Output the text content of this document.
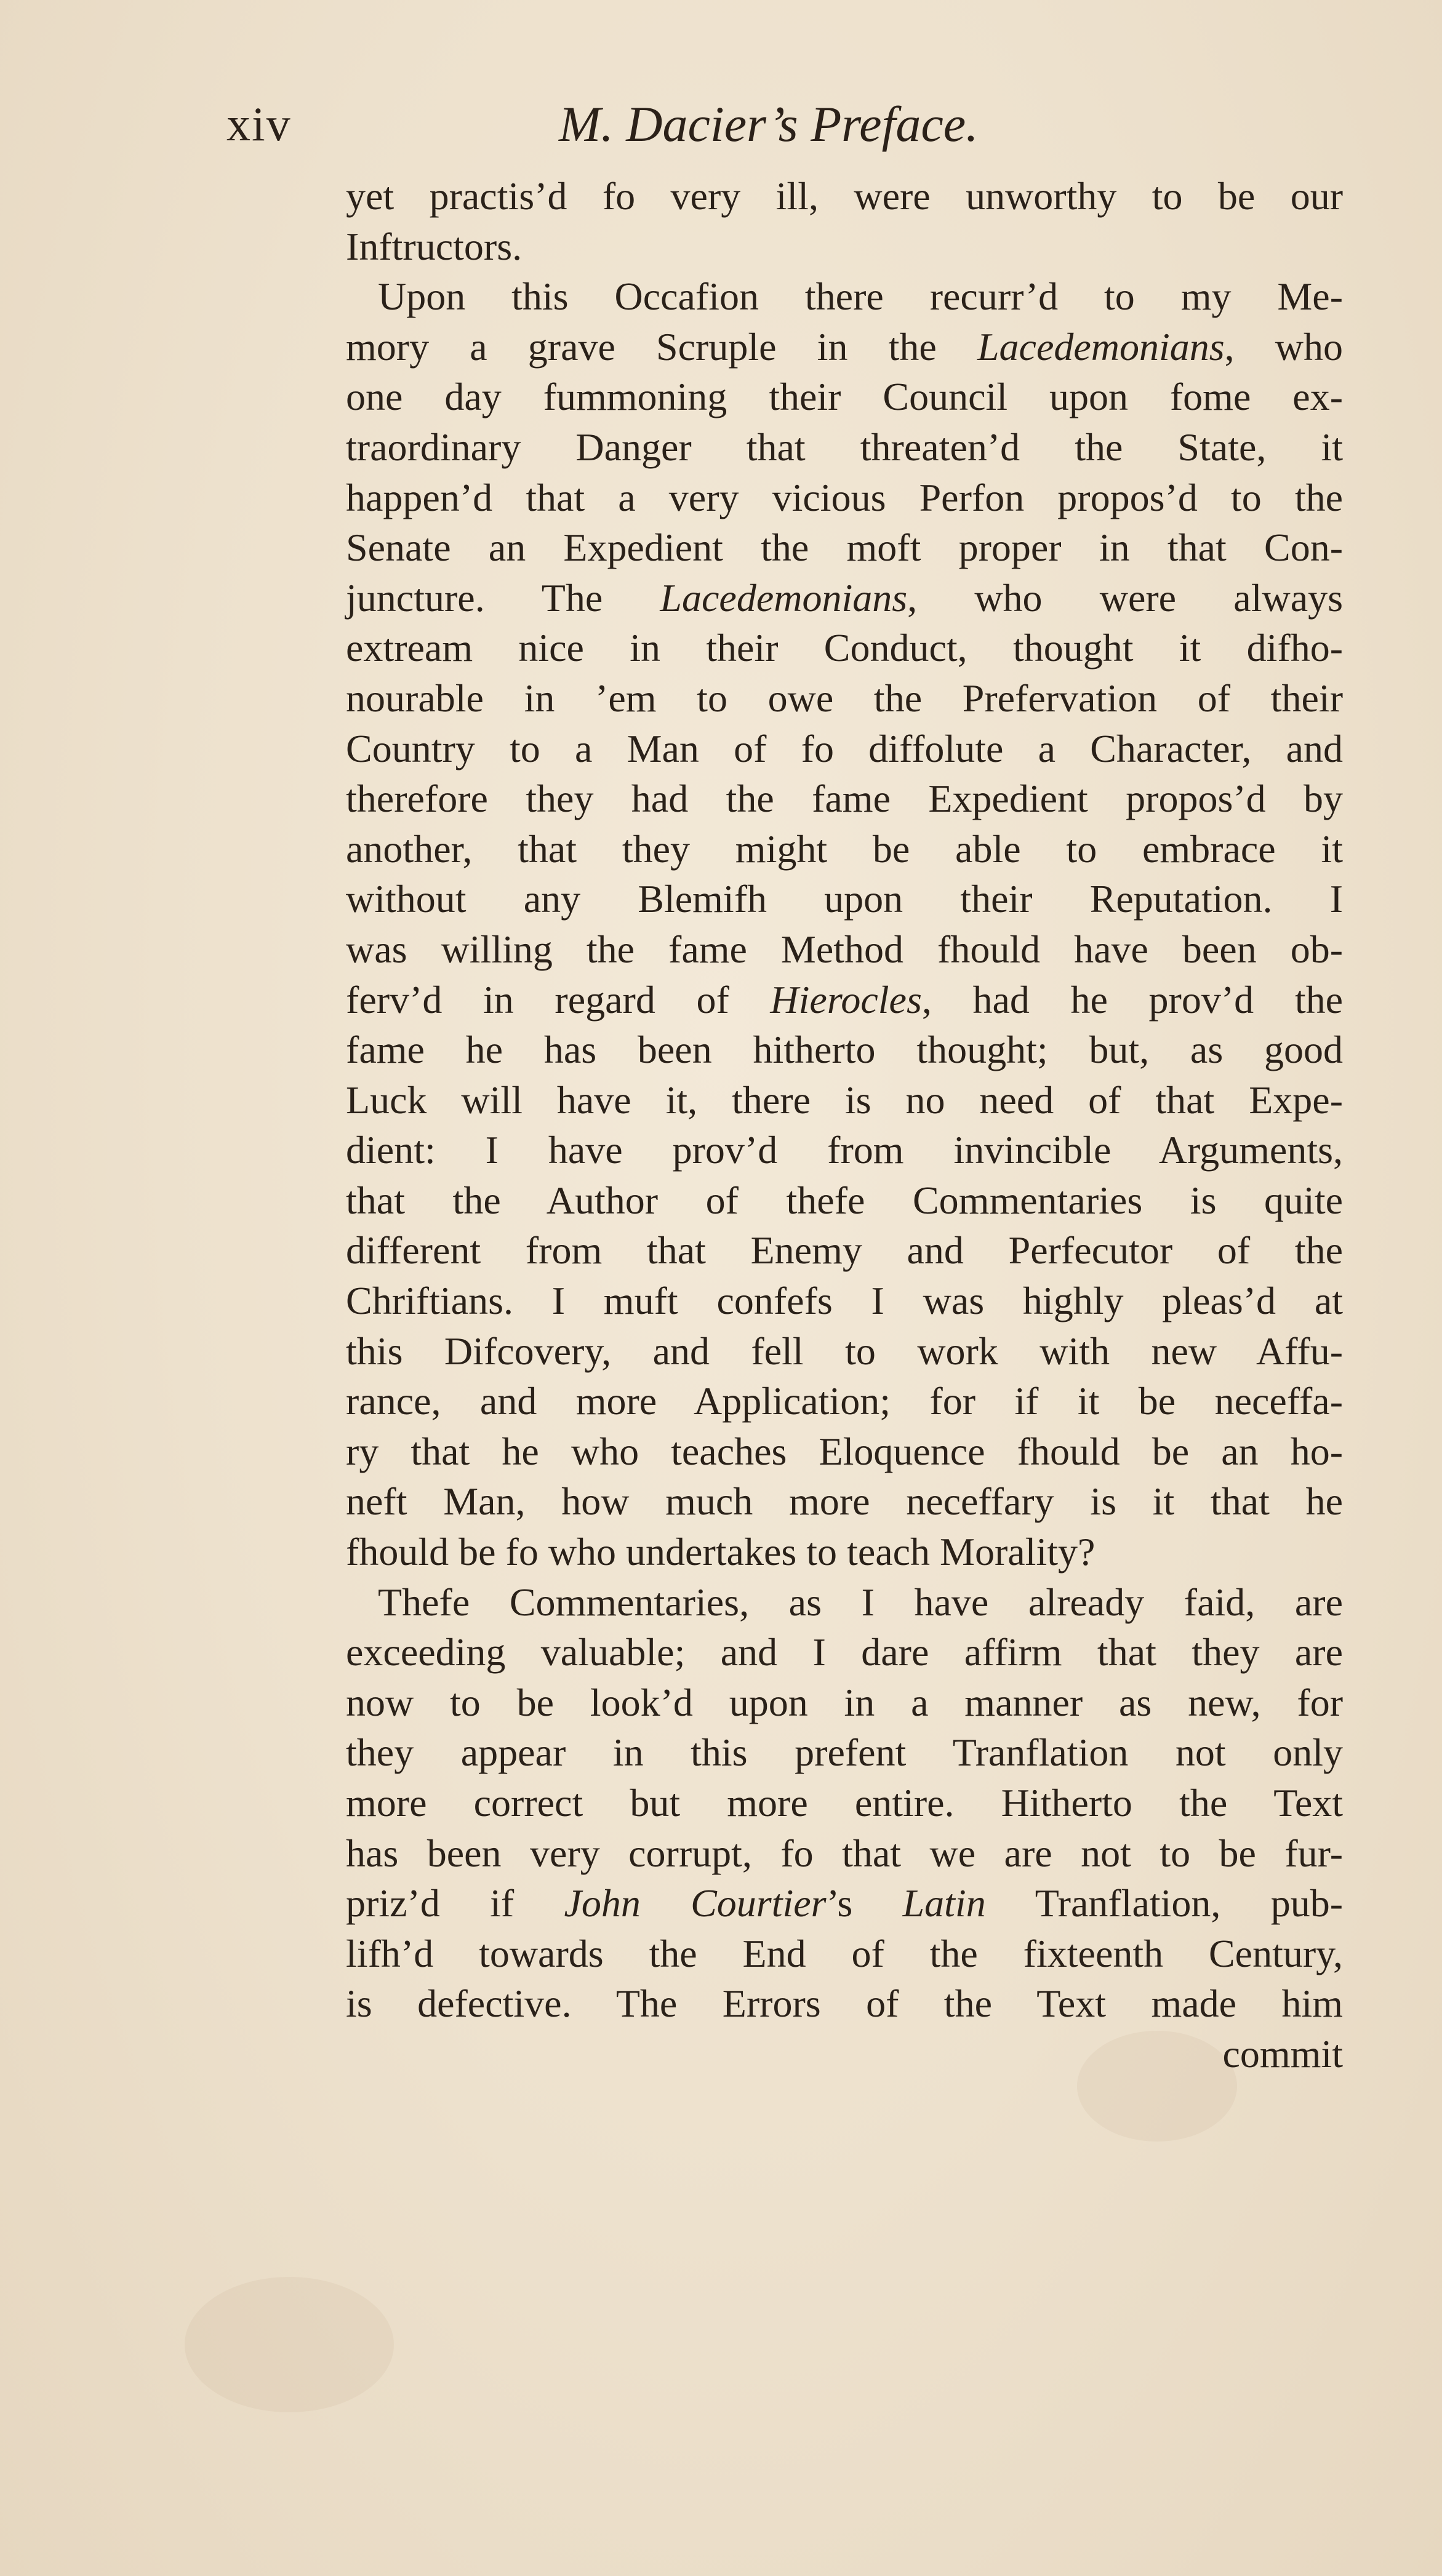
xiv	M. Dacier’s Preface.
yet practis’d fo very ill, were unworthy to be our
Inftructors.
Upon this Occafion there recurr’d to my Me-
mory a grave Scruple in the Lacedemonians, who
one day fummoning their Council upon fome ex-
traordinary Danger that threaten’d the State, it
happen’d that a very vicious Perfon propos’d to the
Senate an Expedient the moft proper in that Con-
juncture. The Lacedemonians, who were always
extream nice in their Conduct, thought it difho-
nourable in ’em to owe the Prefervation of their
Country to a Man of fo diffolute a Character, and
therefore they had the fame Expedient propos’d by
another, that they might be able to embrace it
without any Blemifh upon their Reputation. I
was willing the fame Method fhould have been ob-
ferv’d in regard of Hierocles, had he prov’d the
fame he has been hitherto thought; but, as good
Luck will have it, there is no need of that Expe-
dient: I have prov’d from invincible Arguments,
that the Author of thefe Commentaries is quite
different from that Enemy and Perfecutor of the
Chriftians. I muft confefs I was highly pleas’d at
this Difcovery, and fell to work with new Affu-
rance, and more Application; for if it be neceffa-
ry that he who teaches Eloquence fhould be an ho-
neft Man, how much more neceffary is it that he
fhould be fo who undertakes to teach Morality?
Thefe Commentaries, as I have already faid, are
exceeding valuable; and I dare affirm that they are
now to be look’d upon in a manner as new, for
they appear in this prefent Tranflation not only
more correct but more entire. Hitherto the Text
has been very corrupt, fo that we are not to be fur-
priz’d if John Courtier’s Latin Tranflation, pub-
lifh’d towards the End of the fixteenth Century,
is defective. The Errors of the Text made him
commit
